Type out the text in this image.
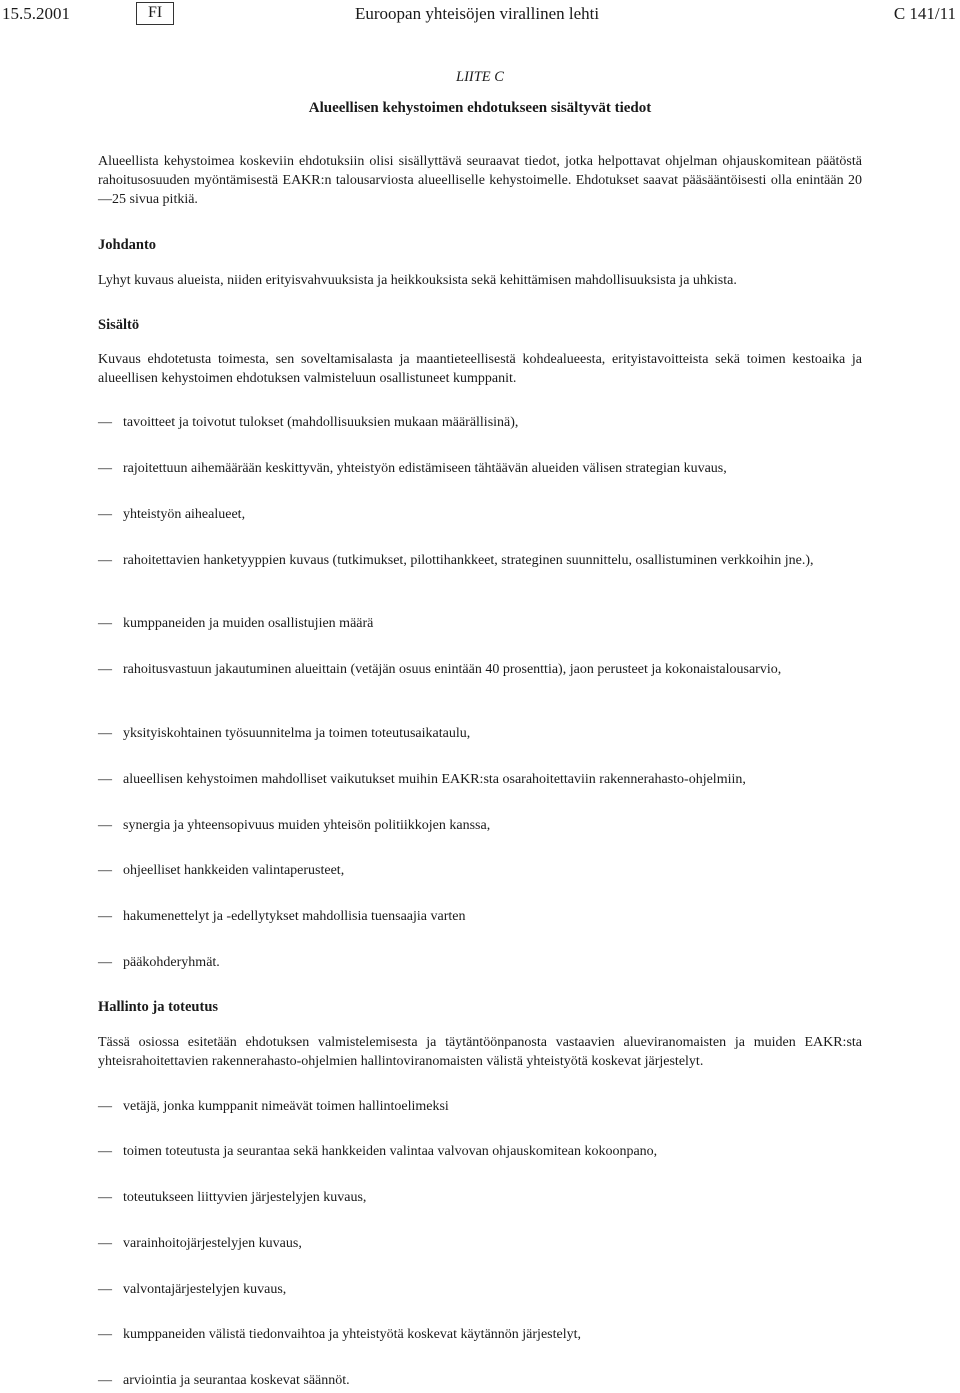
15.5.2001	FI	Euroopan yhteisöjen virallinen lehti	C 141/11
LIITE C
Alueellisen kehystoimen ehdotukseen sisältyvät tiedot
Alueellista kehystoimea koskeviin ehdotuksiin olisi sisällyttävä seuraavat tiedot, jotka helpottavat ohjelman ohjauskomitean päätöstä rahoitusosuuden myöntämisestä EAKR:n talousarviosta alueelliselle kehystoimelle. Ehdotukset saavat pääsääntöisesti olla enintään 20—25 sivua pitkiä.
Johdanto
Lyhyt kuvaus alueista, niiden erityisvahvuuksista ja heikkouksista sekä kehittämisen mahdollisuuksista ja uhkista.
Sisältö
Kuvaus ehdotetusta toimesta, sen soveltamisalasta ja maantieteellisestä kohdealueesta, erityistavoitteista sekä toimen kestoaika ja alueellisen kehystoimen ehdotuksen valmisteluun osallistuneet kumppanit.
— tavoitteet ja toivotut tulokset (mahdollisuuksien mukaan määrällisinä),
— rajoitettuun aihemäärään keskittyvän, yhteistyön edistämiseen tähtäävän alueiden välisen strategian kuvaus,
— yhteistyön aihealueet,
— rahoitettavien hanketyyppien kuvaus (tutkimukset, pilottihankkeet, strateginen suunnittelu, osallistuminen verkkoihin jne.),
— kumppaneiden ja muiden osallistujien määrä
— rahoitusvastuun jakautuminen alueittain (vetäjän osuus enintään 40 prosenttia), jaon perusteet ja kokonaistalousarvio,
— yksityiskohtainen työsuunnitelma ja toimen toteutusaikataulu,
— alueellisen kehystoimen mahdolliset vaikutukset muihin EAKR:sta osarahoitettaviin rakennerahasto-ohjelmiin,
— synergia ja yhteensopivuus muiden yhteisön politiikkojen kanssa,
— ohjeelliset hankkeiden valintaperusteet,
— hakumenettelyt ja -edellytykset mahdollisia tuensaajia varten
— pääkohderyhmät.
Hallinto ja toteutus
Tässä osiossa esitetään ehdotuksen valmistelemisesta ja täytäntöönpanosta vastaavien alueviranomaisten ja muiden EAKR:sta yhteisrahoitettavien rakennerahasto-ohjelmien hallintoviranomaisten välistä yhteistyötä koskevat järjestelyt.
— vetäjä, jonka kumppanit nimeävät toimen hallintoelimeksi
— toimen toteutusta ja seurantaa sekä hankkeiden valintaa valvovan ohjauskomitean kokoonpano,
— toteutukseen liittyvien järjestelyjen kuvaus,
— varainhoitojärjestelyjen kuvaus,
— valvontajärjestelyjen kuvaus,
— kumppaneiden välistä tiedonvaihtoa ja yhteistyötä koskevat käytännön järjestelyt,
— arviointia ja seurantaa koskevat säännöt.
